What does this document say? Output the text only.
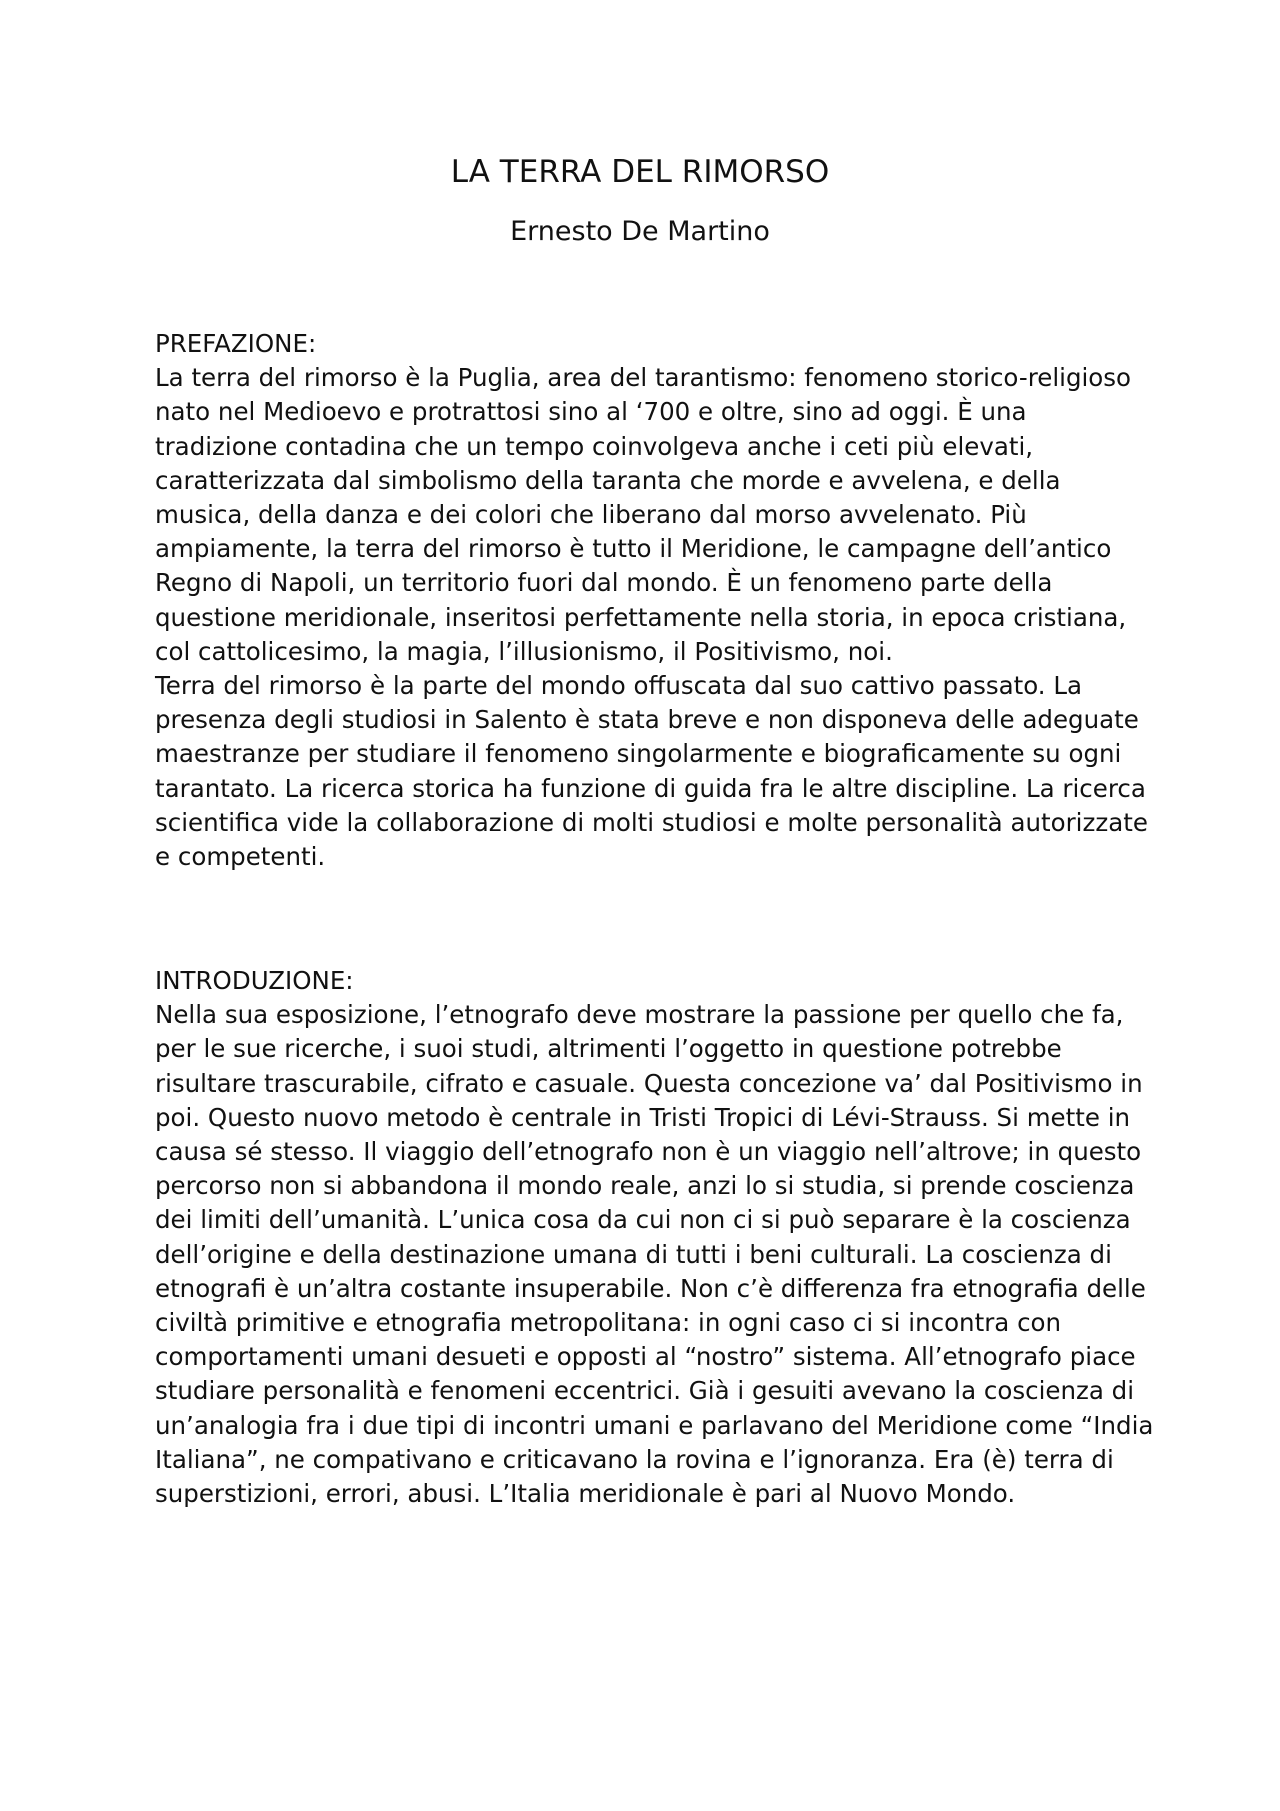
LA TERRA DEL RIMORSO
Ernesto De Martino

PREFAZIONE:

La terra del rimorso è la Puglia, area del tarantismo: fenomeno storico-religioso nato nel Medioevo e protrattosi sino al ‘700 e oltre, sino ad oggi. È una tradizione contadina che un tempo coinvolgeva anche i ceti più elevati, caratterizzata dal simbolismo della taranta che morde e avvelena, e della musica, della danza e dei colori che liberano dal morso avvelenato. Più ampiamente, la terra del rimorso è tutto il Meridione, le campagne dell’antico Regno di Napoli, un territorio fuori dal mondo. È un fenomeno parte della questione meridionale, inseritosi perfettamente nella storia, in epoca cristiana, col cattolicesimo, la magia, l’illusionismo, il Positivismo, noi.

Terra del rimorso è la parte del mondo offuscata dal suo cattivo passato. La presenza degli studiosi in Salento è stata breve e non disponeva delle adeguate maestranze per studiare il fenomeno singolarmente e biograficamente su ogni tarantato. La ricerca storica ha funzione di guida fra le altre discipline. La ricerca scientifica vide la collaborazione di molti studiosi e molte personalità autorizzate e competenti.

INTRODUZIONE:

Nella sua esposizione, l’etnografo deve mostrare la passione per quello che fa, per le sue ricerche, i suoi studi, altrimenti l’oggetto in questione potrebbe risultare trascurabile, cifrato e casuale. Questa concezione va’ dal Positivismo in poi. Questo nuovo metodo è centrale in Tristi Tropici di Lévi-Strauss. Si mette in causa sé stesso. Il viaggio dell’etnografo non è un viaggio nell’altrove; in questo percorso non si abbandona il mondo reale, anzi lo si studia, si prende coscienza dei limiti dell’umanità. L’unica cosa da cui non ci si può separare è la coscienza dell’origine e della destinazione umana di tutti i beni culturali. La coscienza di etnografi è un’altra costante insuperabile. Non c’è differenza fra etnografia delle civiltà primitive e etnografia metropolitana: in ogni caso ci si incontra con comportamenti umani desueti e opposti al “nostro” sistema. All’etnografo piace studiare personalità e fenomeni eccentrici. Già i gesuiti avevano la coscienza di un’analogia fra i due tipi di incontri umani e parlavano del Meridione come “India Italiana”, ne compativano e criticavano la rovina e l’ignoranza. Era (è) terra di superstizioni, errori, abusi. L’Italia meridionale è pari al Nuovo Mondo.
